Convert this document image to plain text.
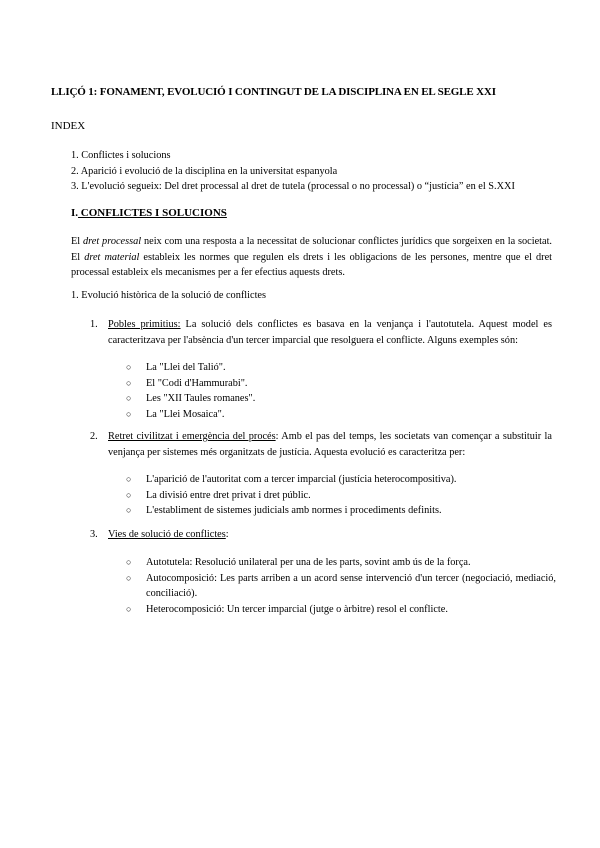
LLIÇÓ 1: FONAMENT, EVOLUCIÓ I CONTINGUT DE LA DISCIPLINA EN EL SEGLE XXI
INDEX
1. Conflictes i solucions
2. Aparició i evolució de la disciplina en la universitat espanyola
3. L'evolució segueix: Del dret processal al dret de tutela (processal o no processal) o “justícia” en el S.XXI
I. CONFLICTES I SOLUCIONS
El dret processal neix com una resposta a la necessitat de solucionar conflictes jurídics que sorgeixen en la societat. El dret material estableix les normes que regulen els drets i les obligacions de les persones, mentre que el dret processal estableix els mecanismes per a fer efectius aquests drets.
1. Evolució històrica de la solució de conflictes
1. Pobles primitius: La solució dels conflictes es basava en la venjança i l'autotutela. Aquest model es caracteritzava per l'absència d'un tercer imparcial que resolguera el conflicte. Alguns exemples són:
○ La "Llei del Talió".
○ El "Codi d'Hammurabi".
○ Les "XII Taules romanes".
○ La "Llei Mosaica".
2. Retret civilitzat i emergència del procés: Amb el pas del temps, les societats van començar a substituir la venjança per sistemes més organitzats de justícia. Aquesta evolució es caracteritza per:
○ L'aparició de l'autoritat com a tercer imparcial (justícia heterocompositiva).
○ La divisió entre dret privat i dret públic.
○ L'establiment de sistemes judicials amb normes i procediments definits.
3. Vies de solució de conflictes:
○ Autotutela: Resolució unilateral per una de les parts, sovint amb ús de la força.
○ Autocomposició: Les parts arriben a un acord sense intervenció d'un tercer (negociació, mediació, conciliació).
○ Heterocomposició: Un tercer imparcial (jutge o àrbitre) resol el conflicte.
